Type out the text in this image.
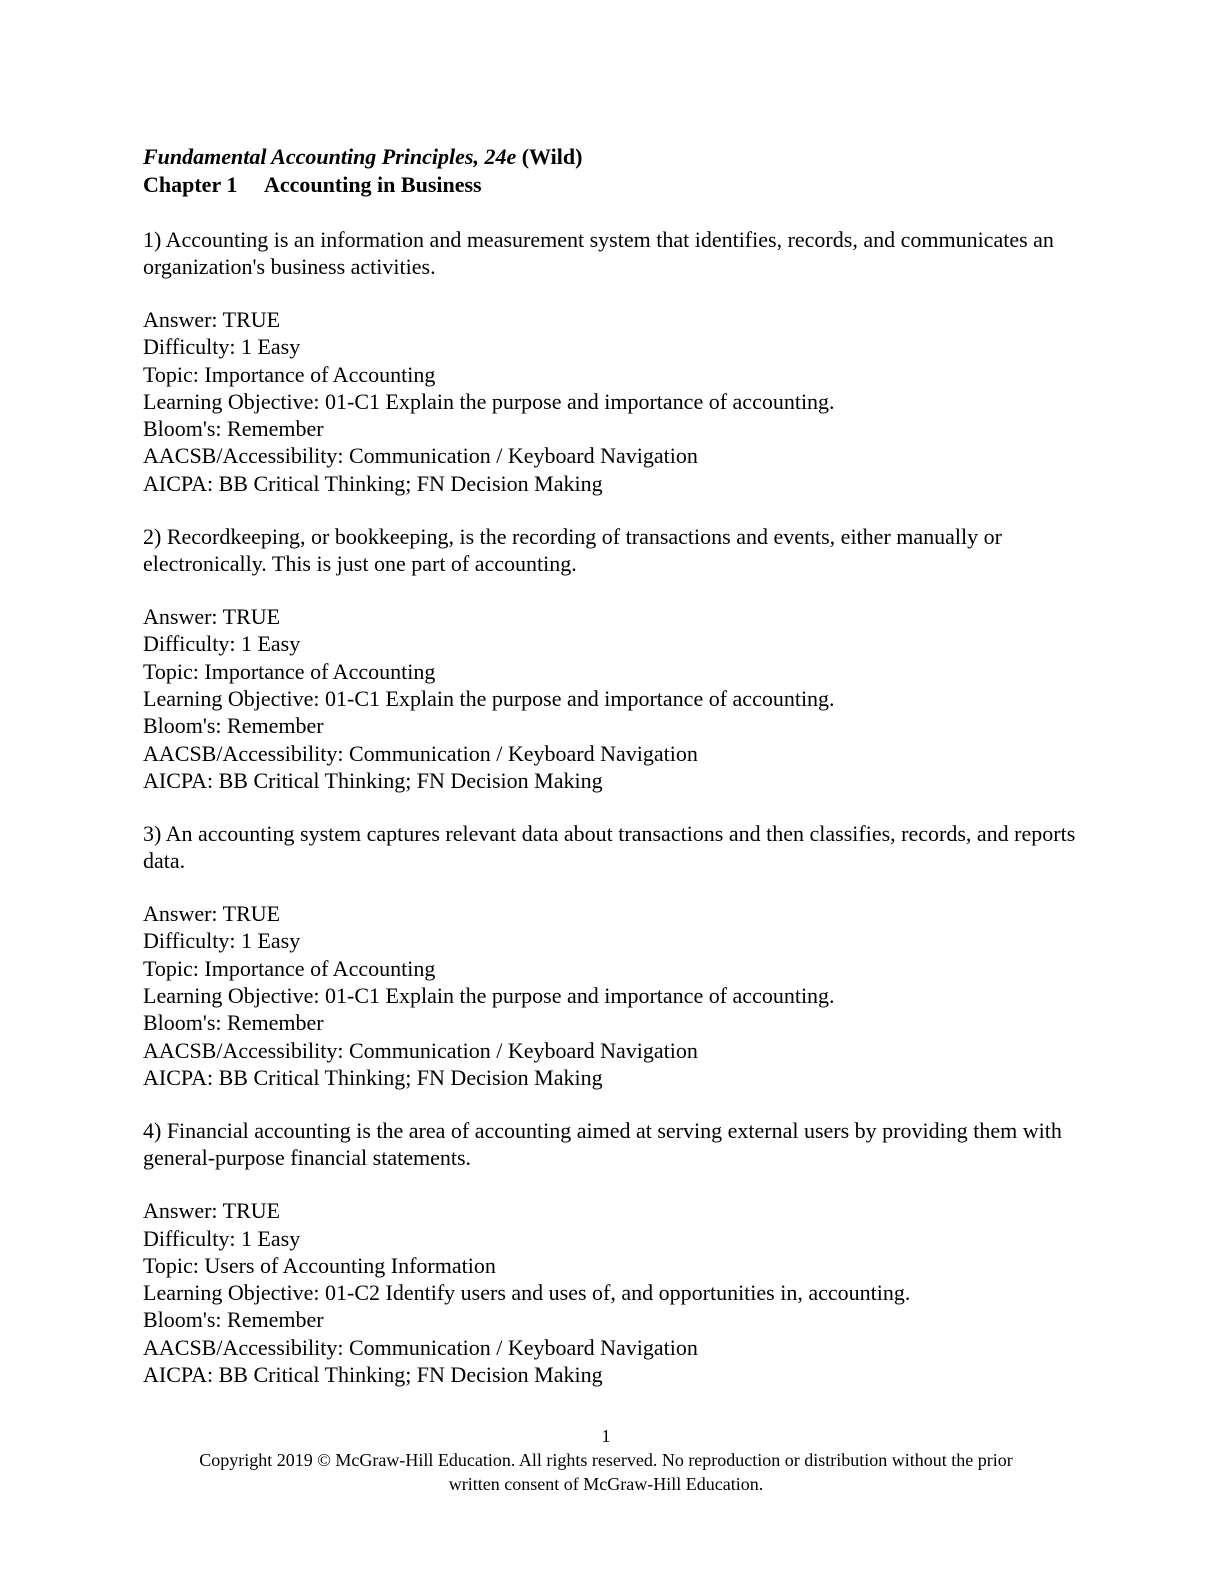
Fundamental Accounting Principles, 24e (Wild)
Chapter 1 Accounting in Business

1) Accounting is an information and measurement system that identifies, records, and communicates an organization's business activities.

Answer: TRUE
Difficulty: 1 Easy
Topic: Importance of Accounting
Learning Objective: 01-C1 Explain the purpose and importance of accounting.
Bloom's: Remember
AACSB/Accessibility: Communication / Keyboard Navigation
AICPA: BB Critical Thinking; FN Decision Making

2) Recordkeeping, or bookkeeping, is the recording of transactions and events, either manually or electronically. This is just one part of accounting.

Answer: TRUE
Difficulty: 1 Easy
Topic: Importance of Accounting
Learning Objective: 01-C1 Explain the purpose and importance of accounting.
Bloom's: Remember
AACSB/Accessibility: Communication / Keyboard Navigation
AICPA: BB Critical Thinking; FN Decision Making

3) An accounting system captures relevant data about transactions and then classifies, records, and reports data.

Answer: TRUE
Difficulty: 1 Easy
Topic: Importance of Accounting
Learning Objective: 01-C1 Explain the purpose and importance of accounting.
Bloom's: Remember
AACSB/Accessibility: Communication / Keyboard Navigation
AICPA: BB Critical Thinking; FN Decision Making

4) Financial accounting is the area of accounting aimed at serving external users by providing them with general-purpose financial statements.

Answer: TRUE
Difficulty: 1 Easy
Topic: Users of Accounting Information
Learning Objective: 01-C2 Identify users and uses of, and opportunities in, accounting.
Bloom's: Remember
AACSB/Accessibility: Communication / Keyboard Navigation
AICPA: BB Critical Thinking; FN Decision Making
1
Copyright 2019 © McGraw-Hill Education. All rights reserved. No reproduction or distribution without the prior
written consent of McGraw-Hill Education.
